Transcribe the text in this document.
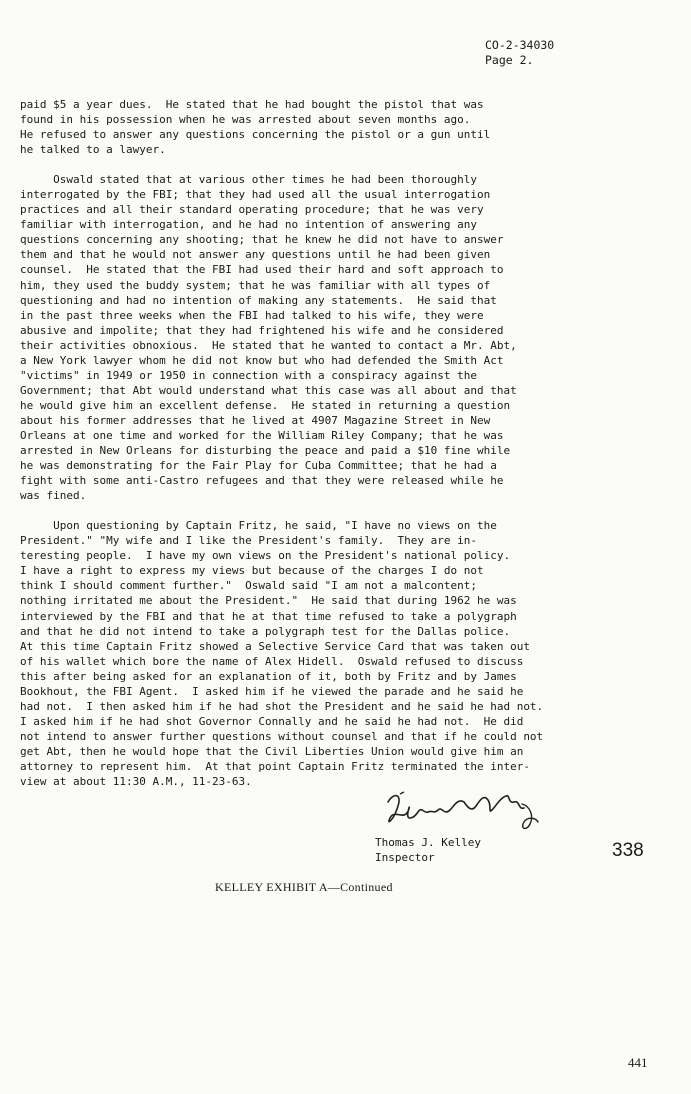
CO-2-34030
Page 2.
paid $5 a year dues.  He stated that he had bought the pistol that was
found in his possession when he was arrested about seven months ago.
He refused to answer any questions concerning the pistol or a gun until
he talked to a lawyer.
Oswald stated that at various other times he had been thoroughly
interrogated by the FBI; that they had used all the usual interrogation
practices and all their standard operating procedure; that he was very
familiar with interrogation, and he had no intention of answering any
questions concerning any shooting; that he knew he did not have to answer
them and that he would not answer any questions until he had been given
counsel.  He stated that the FBI had used their hard and soft approach to
him, they used the buddy system; that he was familiar with all types of
questioning and had no intention of making any statements.  He said that
in the past three weeks when the FBI had talked to his wife, they were
abusive and impolite; that they had frightened his wife and he considered
their activities obnoxious.  He stated that he wanted to contact a Mr. Abt,
a New York lawyer whom he did not know but who had defended the Smith Act
"victims" in 1949 or 1950 in connection with a conspiracy against the
Government; that Abt would understand what this case was all about and that
he would give him an excellent defense.  He stated in returning a question
about his former addresses that he lived at 4907 Magazine Street in New
Orleans at one time and worked for the William Riley Company; that he was
arrested in New Orleans for disturbing the peace and paid a $10 fine while
he was demonstrating for the Fair Play for Cuba Committee; that he had a
fight with some anti-Castro refugees and that they were released while he
was fined.
Upon questioning by Captain Fritz, he said, "I have no views on the
President." "My wife and I like the President's family.  They are in-
teresting people.  I have my own views on the President's national policy.
I have a right to express my views but because of the charges I do not
think I should comment further."  Oswald said "I am not a malcontent;
nothing irritated me about the President."  He said that during 1962 he was
interviewed by the FBI and that he at that time refused to take a polygraph
and that he did not intend to take a polygraph test for the Dallas police.
At this time Captain Fritz showed a Selective Service Card that was taken out
of his wallet which bore the name of Alex Hidell.  Oswald refused to discuss
this after being asked for an explanation of it, both by Fritz and by James
Bookhout, the FBI Agent.  I asked him if he viewed the parade and he said he
had not.  I then asked him if he had shot the President and he said he had not.
I asked him if he had shot Governor Connally and he said he had not.  He did
not intend to answer further questions without counsel and that if he could not
get Abt, then he would hope that the Civil Liberties Union would give him an
attorney to represent him.  At that point Captain Fritz terminated the inter-
view at about 11:30 A.M., 11-23-63.
Thomas J. Kelley
Inspector	338
KELLEY EXHIBIT A—Continued
441
